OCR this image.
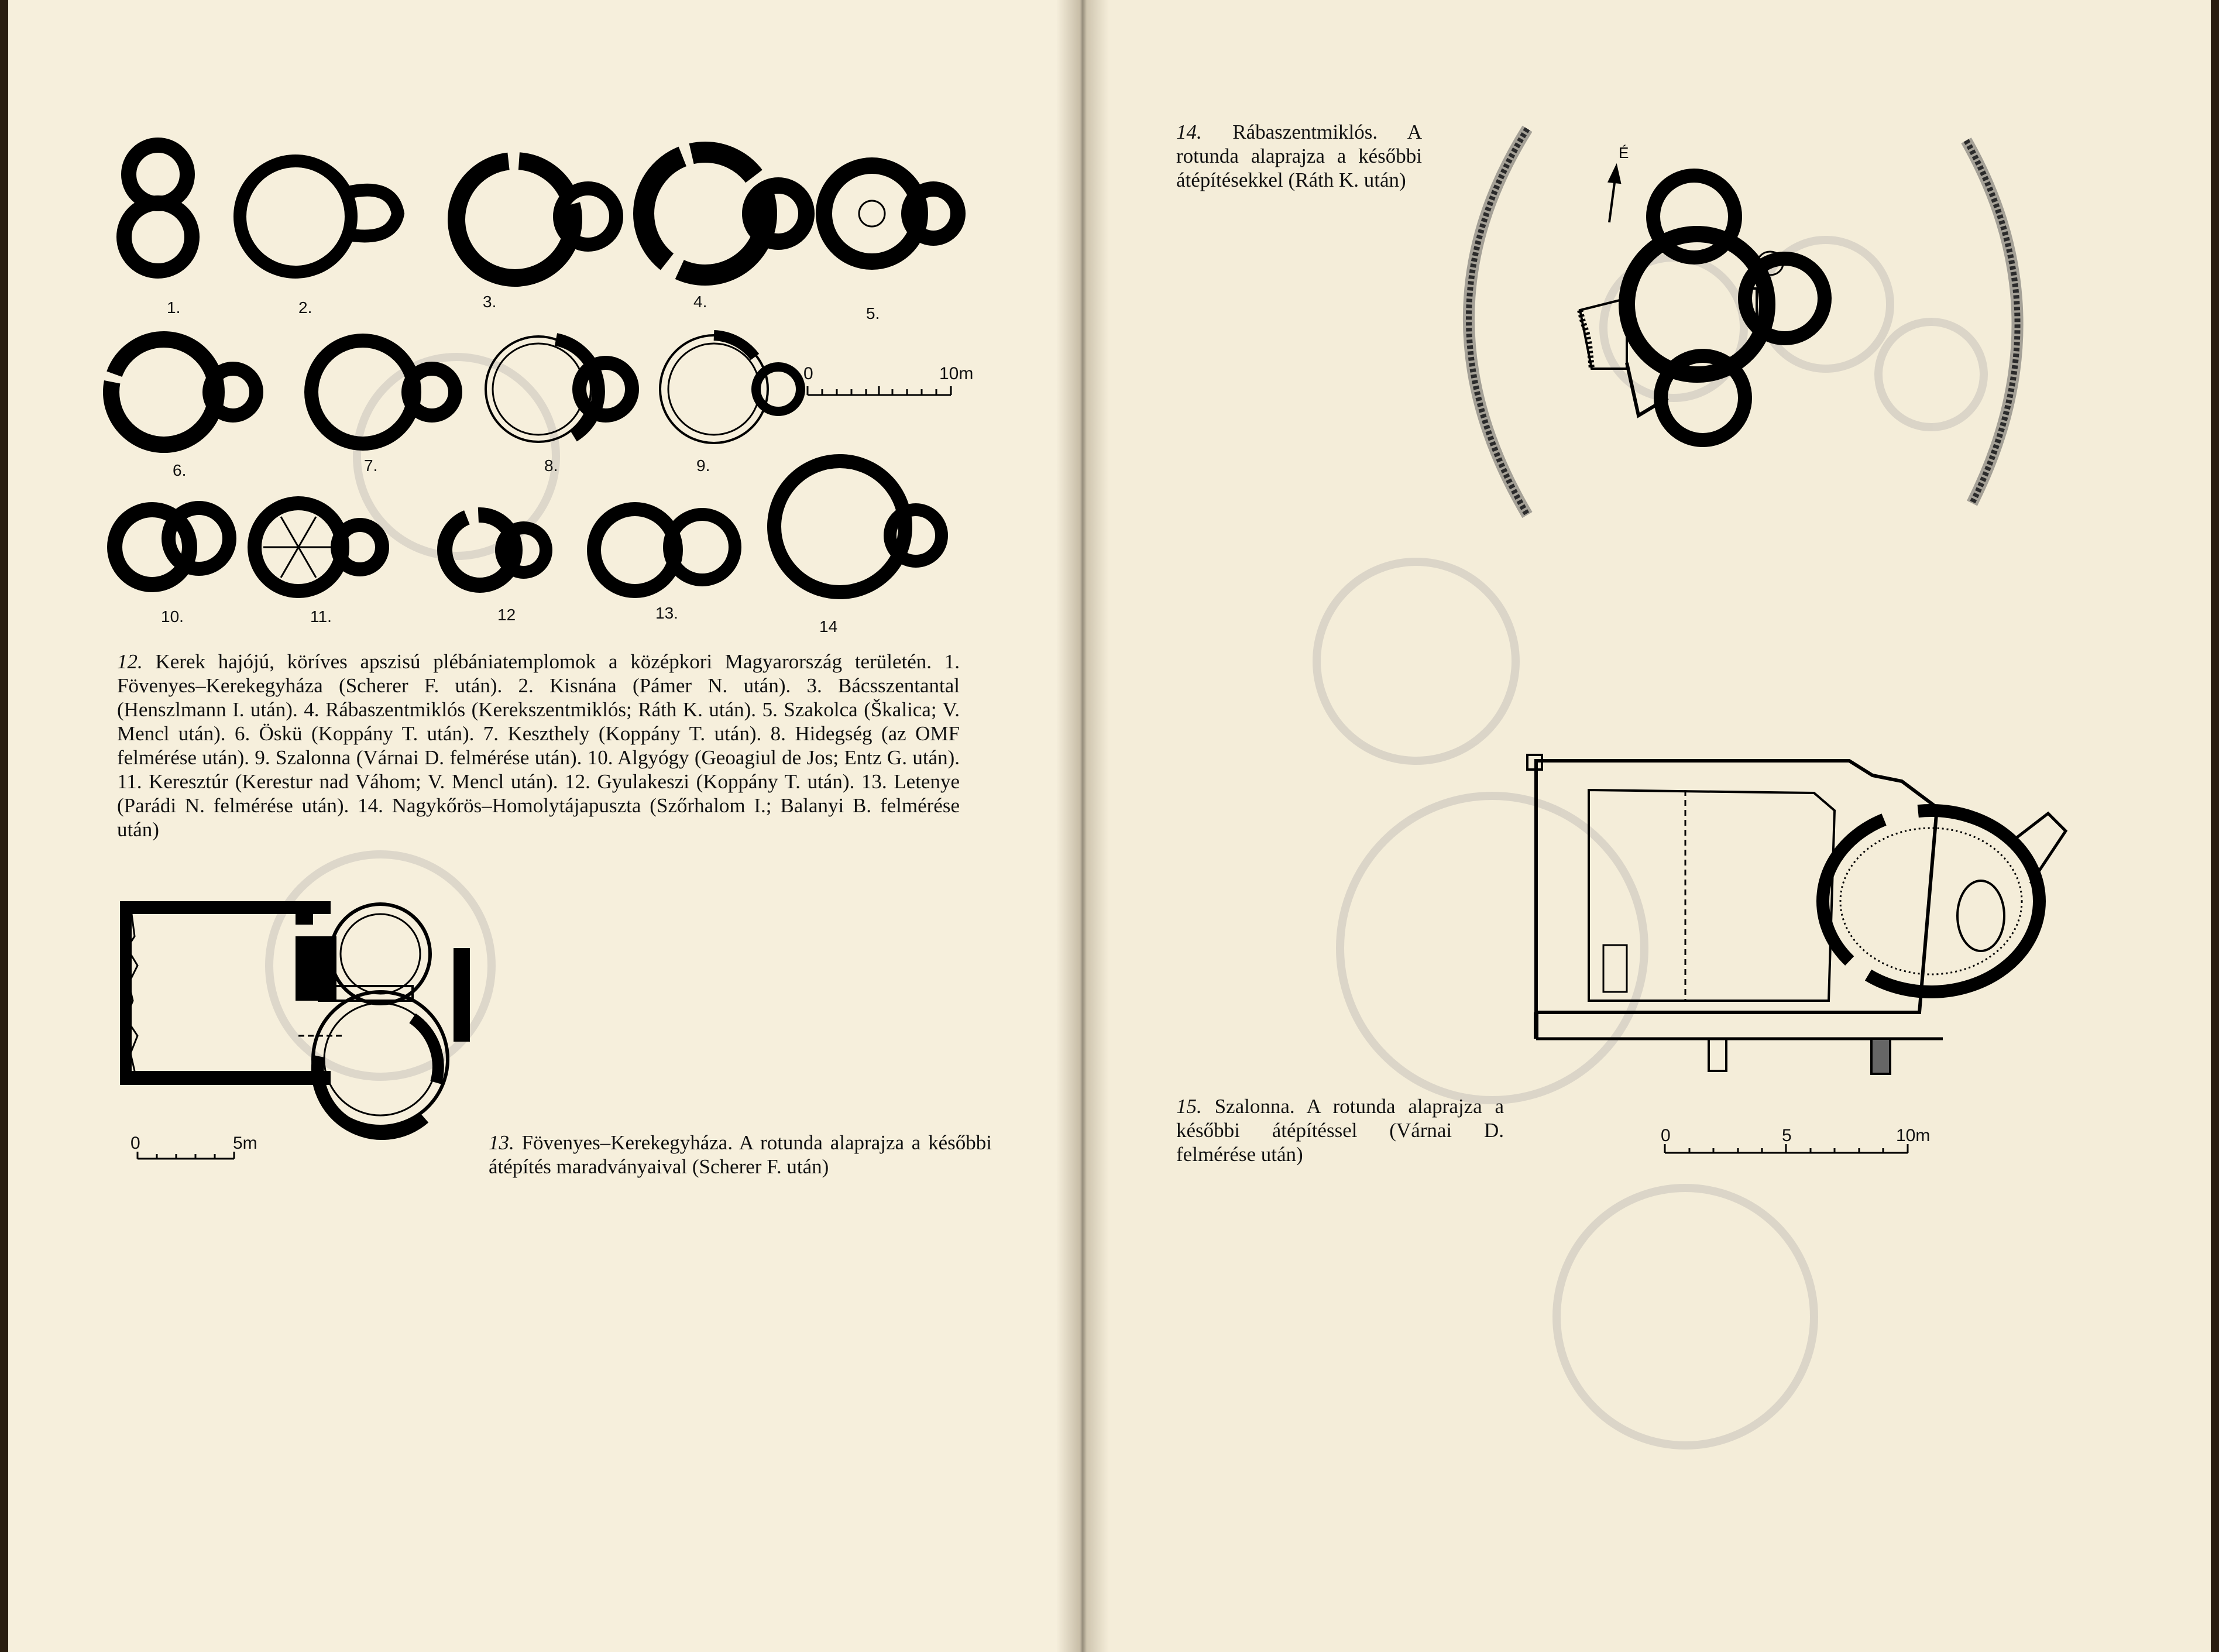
0	10m
1.	2.	3.	4.
5.
6.	7.	8.	9.
10.	11.	12	13.
14
12. Kerek hajójú, köríves apszisú plébániatemplomok a középkori Magyarország területén. 1. Fövenyes–Kerekegyháza (Scherer F. után). 2. Kisnána (Pámer N. után). 3. Bácsszentantal (Henszlmann I. után). 4. Rábaszentmiklós (Kerekszentmiklós; Ráth K. után). 5. Szakolca (Škalica; V. Mencl után). 6. Öskü (Koppány T. után). 7. Keszthely (Koppány T. után). 8. Hidegség (az OMF felmérése után). 9. Szalonna (Várnai D. felmérése után). 10. Algyógy (Geoagiul de Jos; Entz G. után). 11. Keresztúr (Kerestur nad Váhom; V. Mencl után). 12. Gyulakeszi (Koppány T. után). 13. Letenye (Parádi N. felmérése után). 14. Nagykőrös–Homolytájapuszta (Szőrhalom I.; Balanyi B. felmérése után)
0	5m	13. Fövenyes–Kerekegyháza. A rotunda alaprajza a későbbi átépítés maradványaival (Scherer F. után)
14. Rábaszentmiklós. A rotunda alaprajza a későbbi átépítésekkel (Ráth K. után)
É
0	5	10m
15. Szalonna. A rotunda alaprajza a későbbi átépítéssel (Várnai D. felmérése után)
